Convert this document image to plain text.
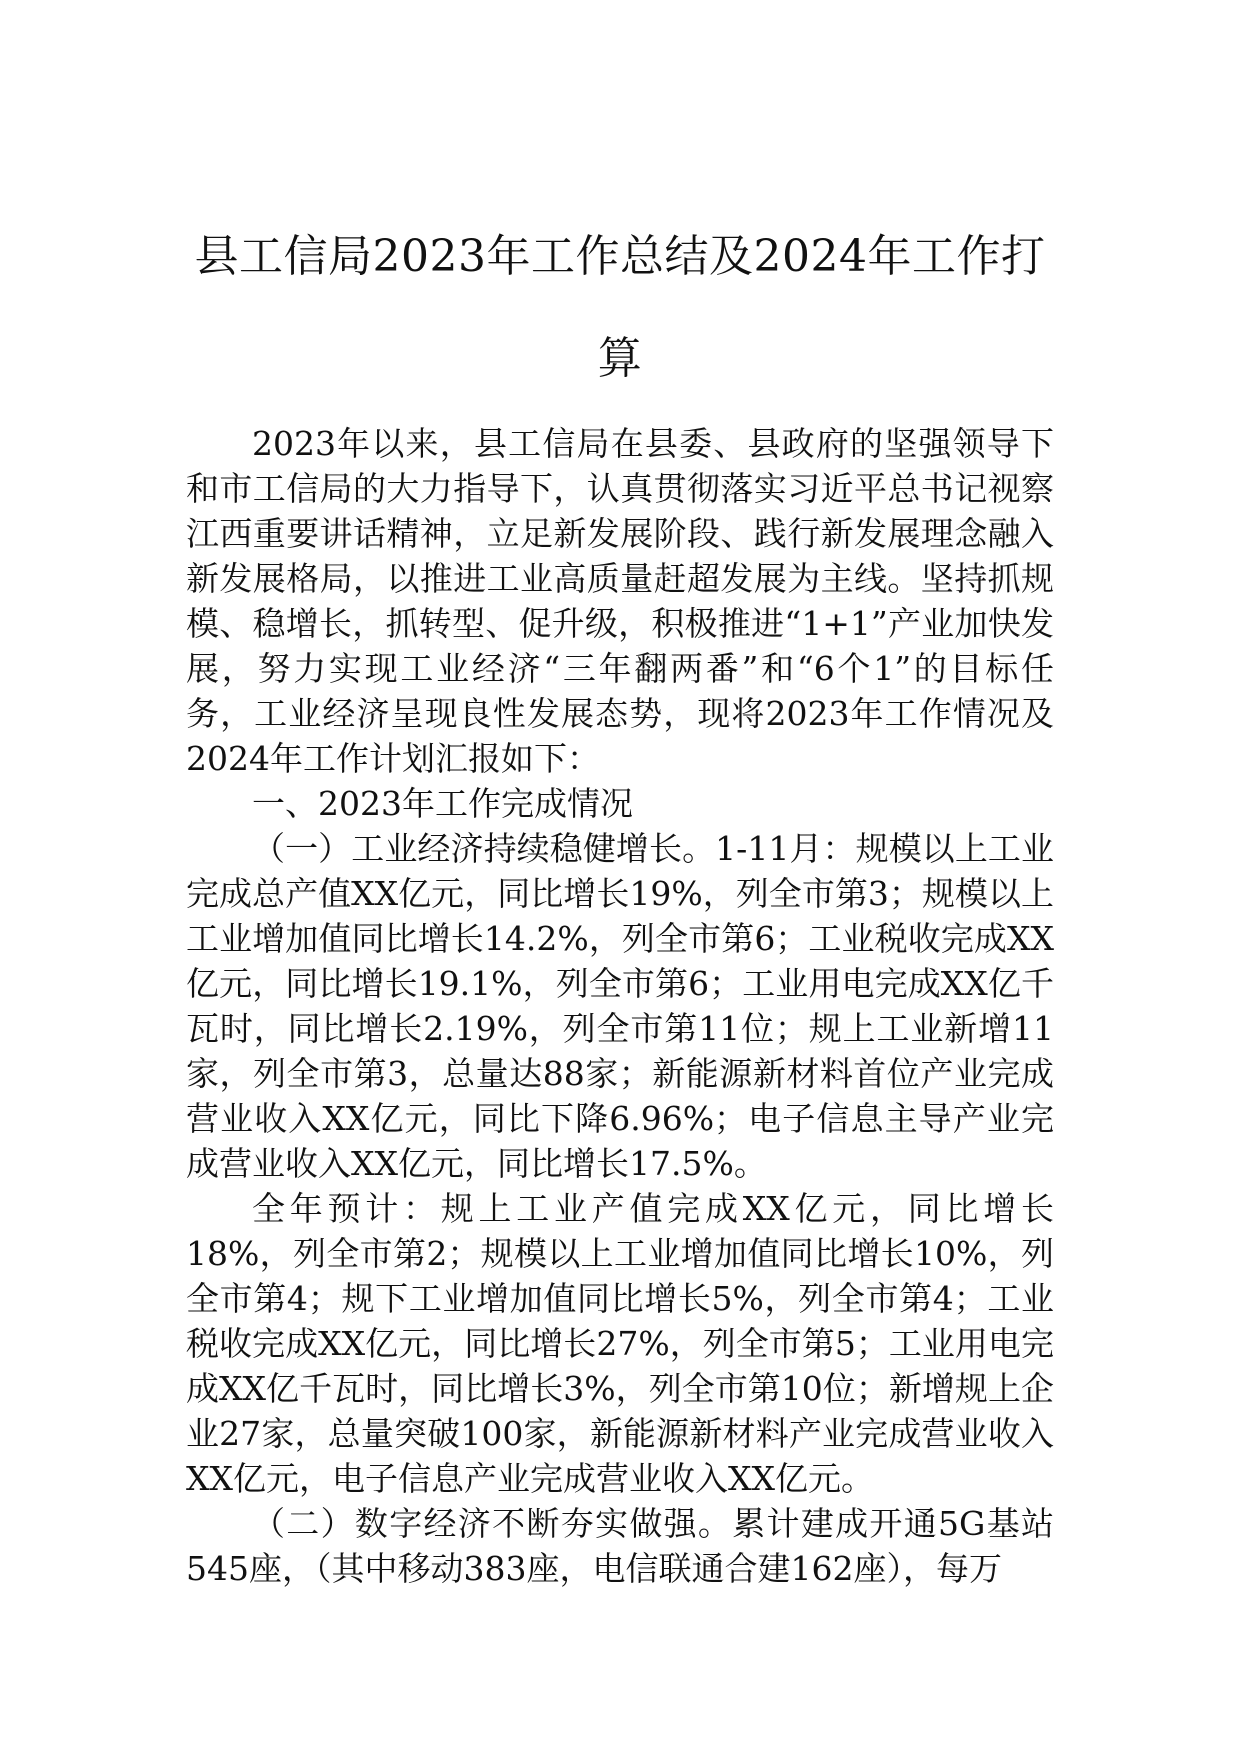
县工信局2023年工作总结及2024年工作打算

2023年以来，县工信局在县委、县政府的坚强领导下和市工信局的大力指导下，认真贯彻落实习近平总书记视察江西重要讲话精神，立足新发展阶段、践行新发展理念融入新发展格局，以推进工业高质量赶超发展为主线。坚持抓规模、稳增长，抓转型、促升级，积极推进“1+1”产业加快发展，努力实现工业经济“三年翻两番”和“6个1”的目标任务，工业经济呈现良性发展态势，现将2023年工作情况及2024年工作计划汇报如下：

一、2023年工作完成情况

（一）工业经济持续稳健增长。1-11月：规模以上工业完成总产值XX亿元，同比增长19%，列全市第3；规模以上工业增加值同比增长14.2%，列全市第6；工业税收完成XX亿元，同比增长19.1%，列全市第6；工业用电完成XX亿千瓦时，同比增长2.19%，列全市第11位；规上工业新增11家，列全市第3，总量达88家；新能源新材料首位产业完成营业收入XX亿元，同比下降6.96%；电子信息主导产业完成营业收入XX亿元，同比增长17.5%。

全年预计：规上工业产值完成XX亿元，同比增长18%，列全市第2；规模以上工业增加值同比增长10%，列全市第4；规下工业增加值同比增长5%，列全市第4；工业税收完成XX亿元，同比增长27%，列全市第5；工业用电完成XX亿千瓦时，同比增长3%，列全市第10位；新增规上企业27家，总量突破100家，新能源新材料产业完成营业收入XX亿元，电子信息产业完成营业收入XX亿元。

（二）数字经济不断夯实做强。累计建成开通5G基站545座，（其中移动383座，电信联通合建162座），每万
